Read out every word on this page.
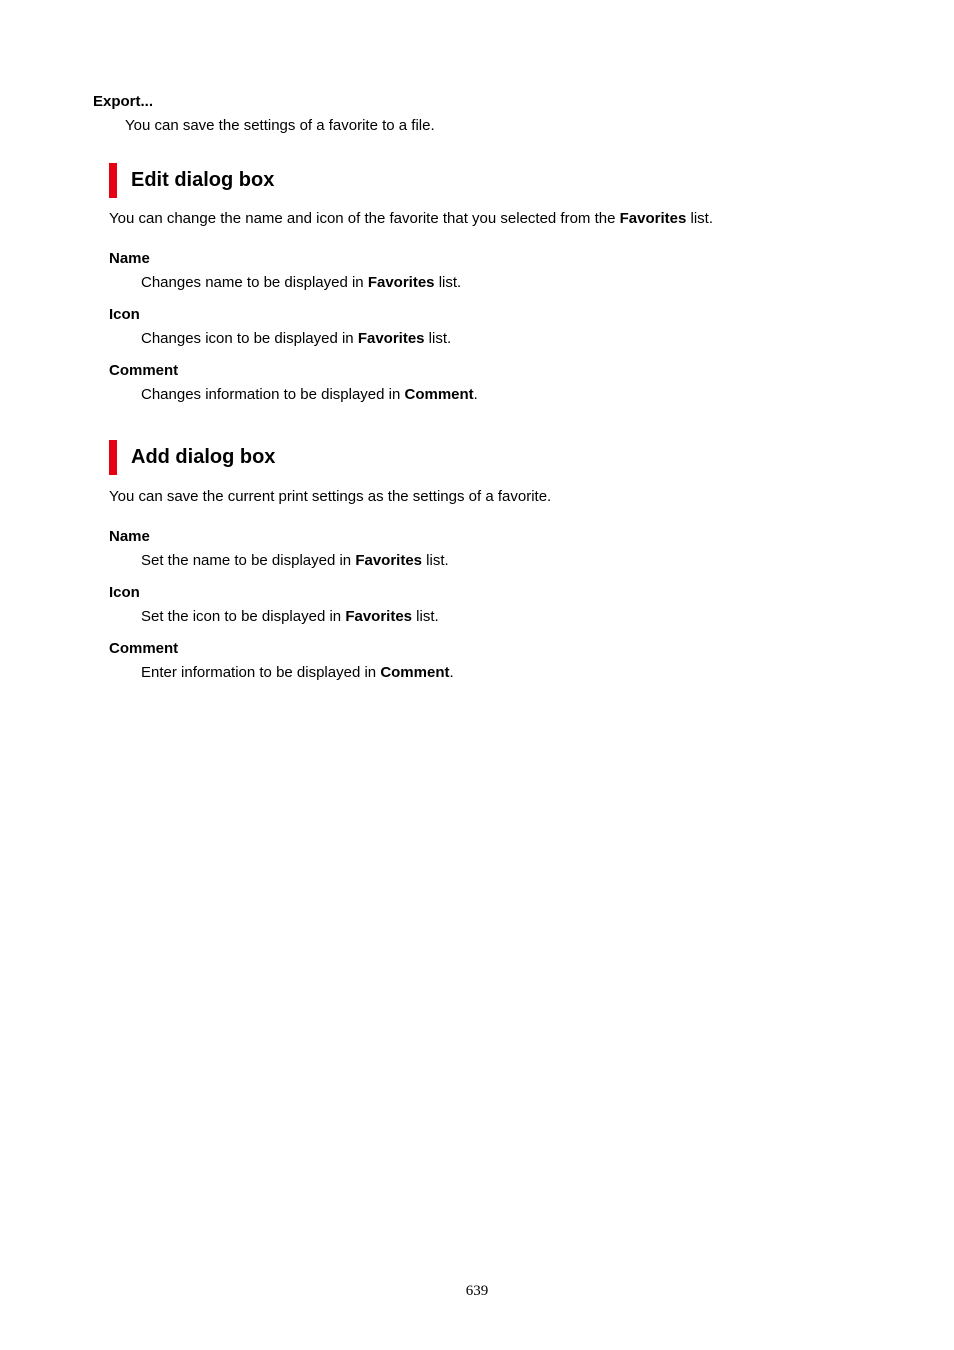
Export...
You can save the settings of a favorite to a file.
Edit dialog box
You can change the name and icon of the favorite that you selected from the Favorites list.
Name
Changes name to be displayed in Favorites list.
Icon
Changes icon to be displayed in Favorites list.
Comment
Changes information to be displayed in Comment.
Add dialog box
You can save the current print settings as the settings of a favorite.
Name
Set the name to be displayed in Favorites list.
Icon
Set the icon to be displayed in Favorites list.
Comment
Enter information to be displayed in Comment.
639
